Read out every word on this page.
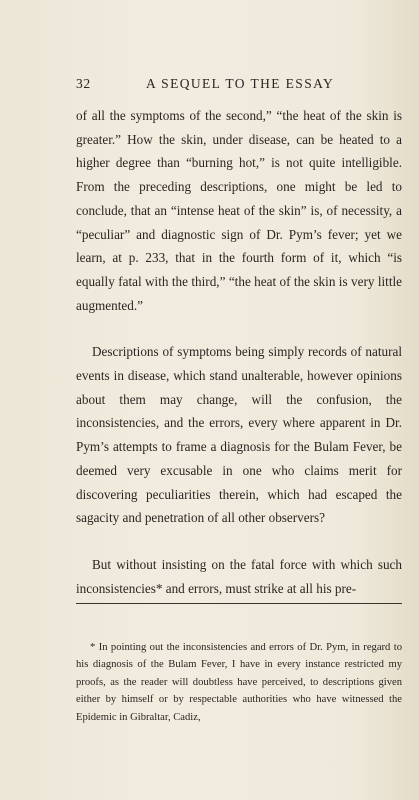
32	A SEQUEL TO THE ESSAY

of all the symptoms of the second,” “the heat of the skin is greater.” How the skin, under disease, can be heated to a higher degree than “burning hot,” is not quite intelligible. From the preceding descriptions, one might be led to conclude, that an “intense heat of the skin” is, of necessity, a “peculiar” and diagnostic sign of Dr. Pym’s fever; yet we learn, at p. 233, that in the fourth form of it, which “is equally fatal with the third,” “the heat of the skin is very little augmented.”

Descriptions of symptoms being simply records of natural events in disease, which stand unalterable, however opinions about them may change, will the confusion, the inconsistencies, and the errors, every where apparent in Dr. Pym’s attempts to frame a diagnosis for the Bulam Fever, be deemed very excusable in one who claims merit for discovering peculiarities therein, which had escaped the sagacity and penetration of all other observers?

But without insisting on the fatal force with which such inconsistencies* and errors, must strike at all his pre-

* In pointing out the inconsistencies and errors of Dr. Pym, in regard to his diagnosis of the Bulam Fever, I have in every instance restricted my proofs, as the reader will doubtless have perceived, to descriptions given either by himself or by respectable authorities who have witnessed the Epidemic in Gibraltar, Cadiz,
